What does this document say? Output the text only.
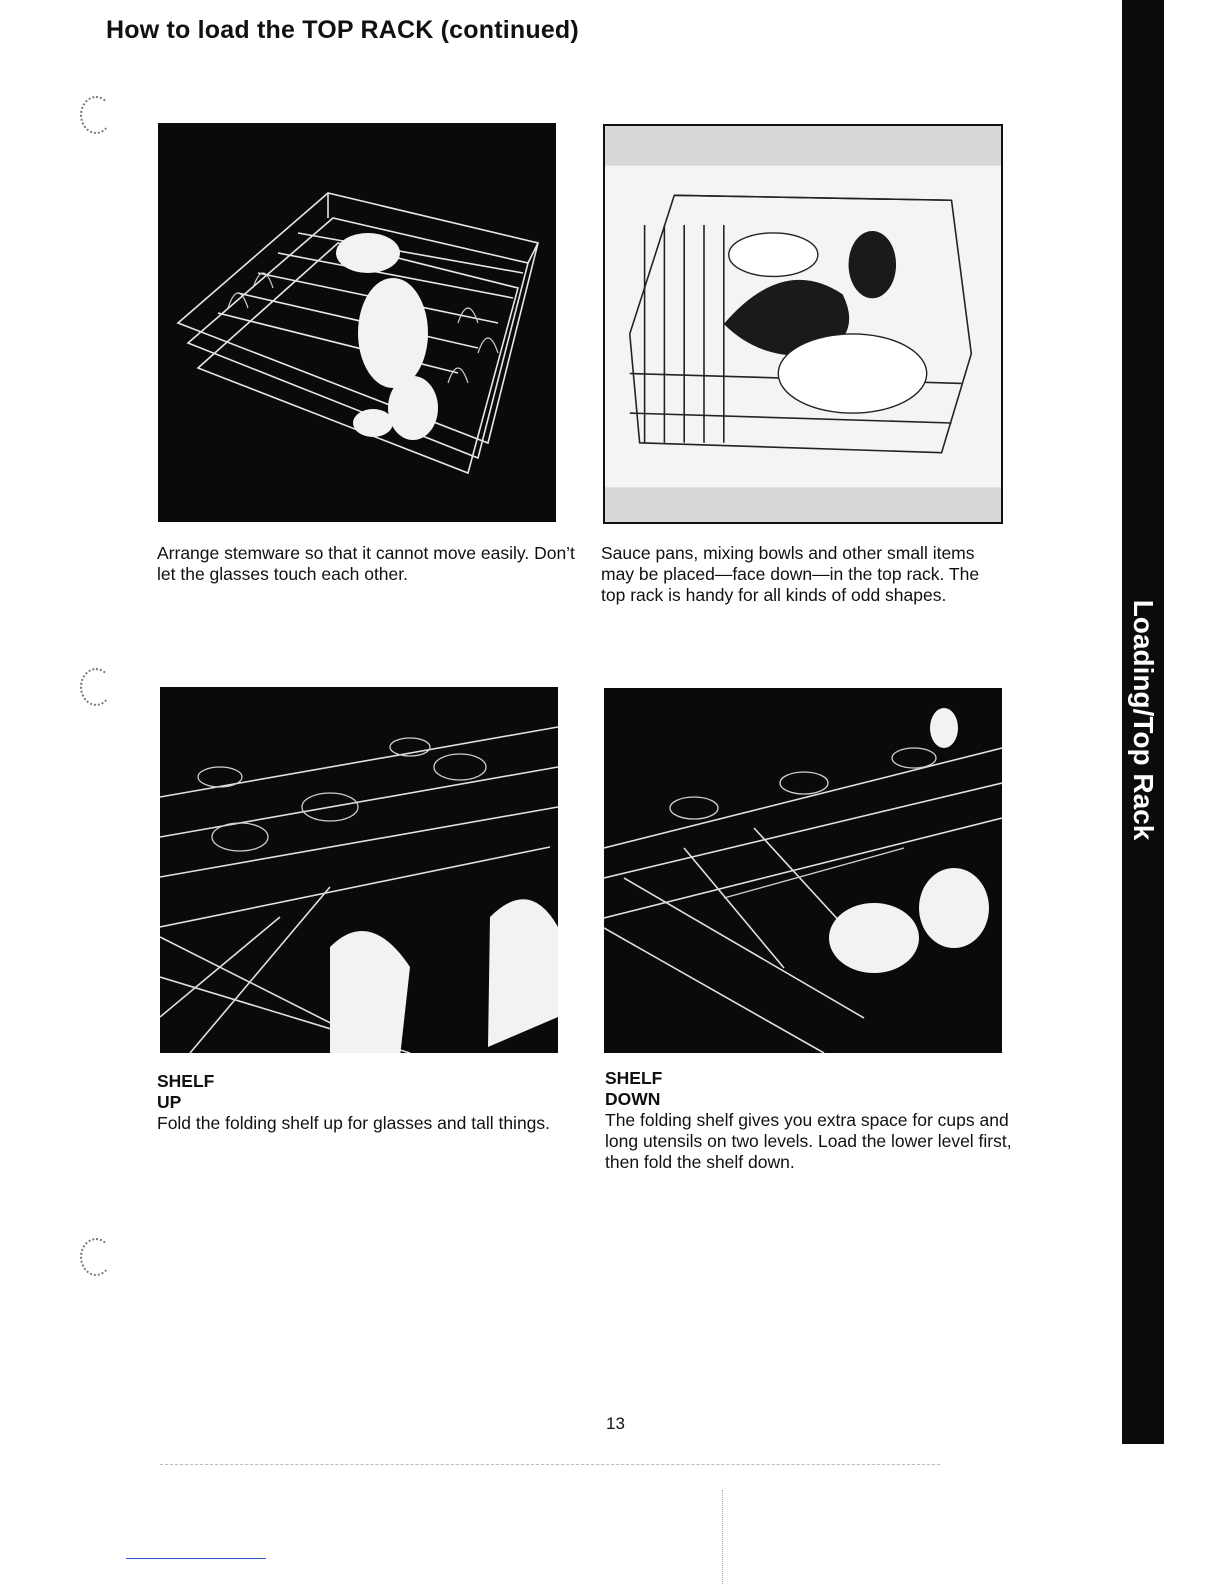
How to load the TOP RACK (continued)
Loading/Top Rack

Arrange stemware so that it cannot move easily. Don’t let the glasses touch each other.

Sauce pans, mixing bowls and other small items may be placed—face down—in the top rack. The top rack is handy for all kinds of odd shapes.

SHELF
UP
Fold the folding shelf up for glasses and tall things.
SHELF
DOWN
The folding shelf gives you extra space for cups and long utensils on two levels. Load the lower level first, then fold the shelf down.
13
